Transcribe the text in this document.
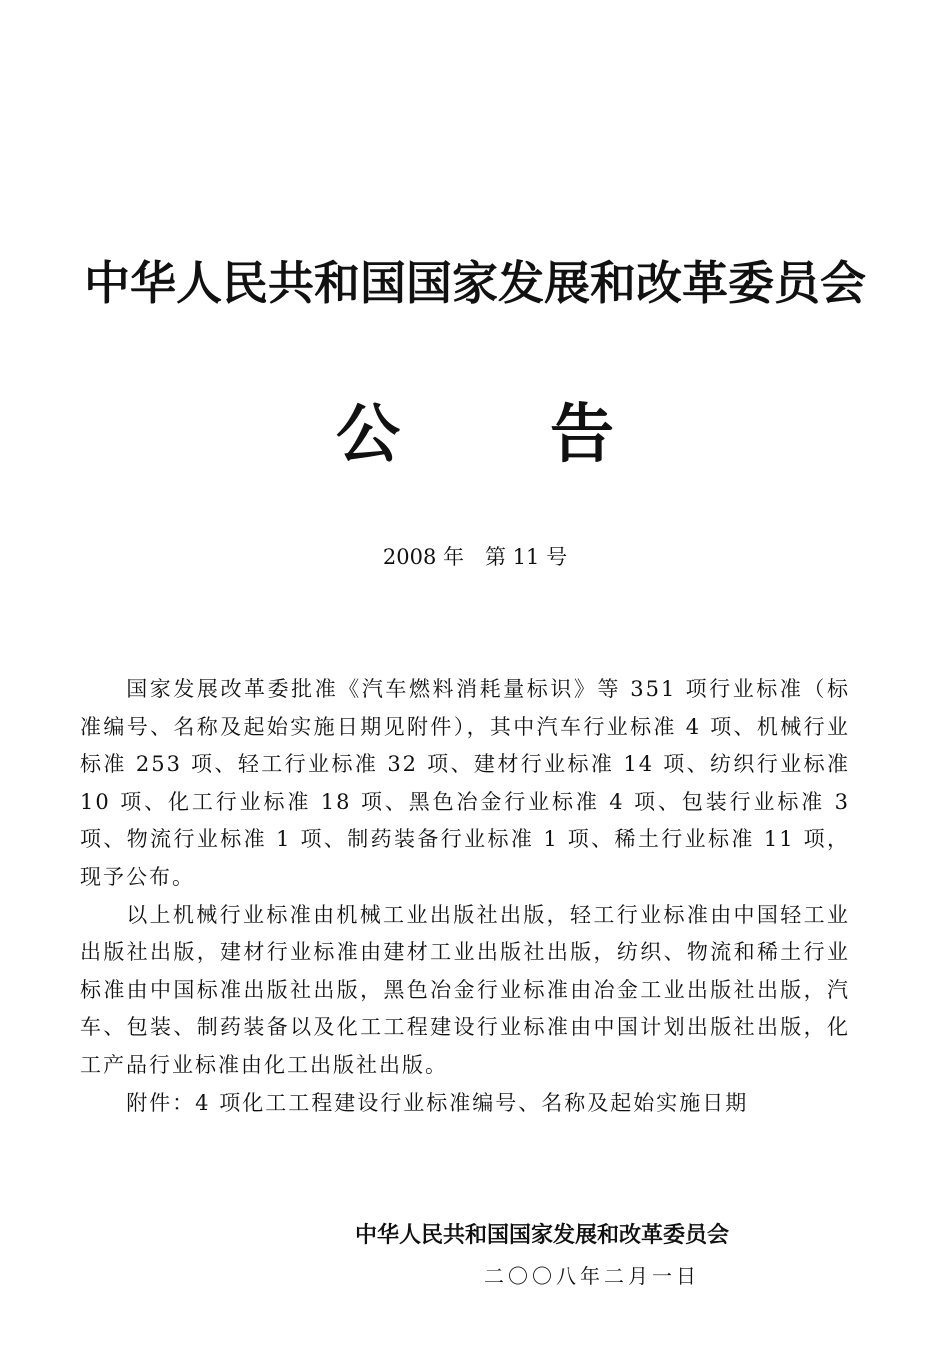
中华人民共和国国家发展和改革委员会
公告
2008 年　第 11 号

国家发展改革委批准《汽车燃料消耗量标识》等 351 项行业标准（标准编号、名称及起始实施日期见附件），其中汽车行业标准 4 项、机械行业标准 253 项、轻工行业标准 32 项、建材行业标准 14 项、纺织行业标准 10 项、化工行业标准 18 项、黑色冶金行业标准 4 项、包装行业标准 3 项、物流行业标准 1 项、制药装备行业标准 1 项、稀土行业标准 11 项，现予公布。

以上机械行业标准由机械工业出版社出版，轻工行业标准由中国轻工业出版社出版，建材行业标准由建材工业出版社出版，纺织、物流和稀土行业标准由中国标准出版社出版，黑色冶金行业标准由冶金工业出版社出版，汽车、包装、制药装备以及化工工程建设行业标准由中国计划出版社出版，化工产品行业标准由化工出版社出版。

附件：4 项化工工程建设行业标准编号、名称及起始实施日期

中华人民共和国国家发展和改革委员会
二〇〇八年二月一日
